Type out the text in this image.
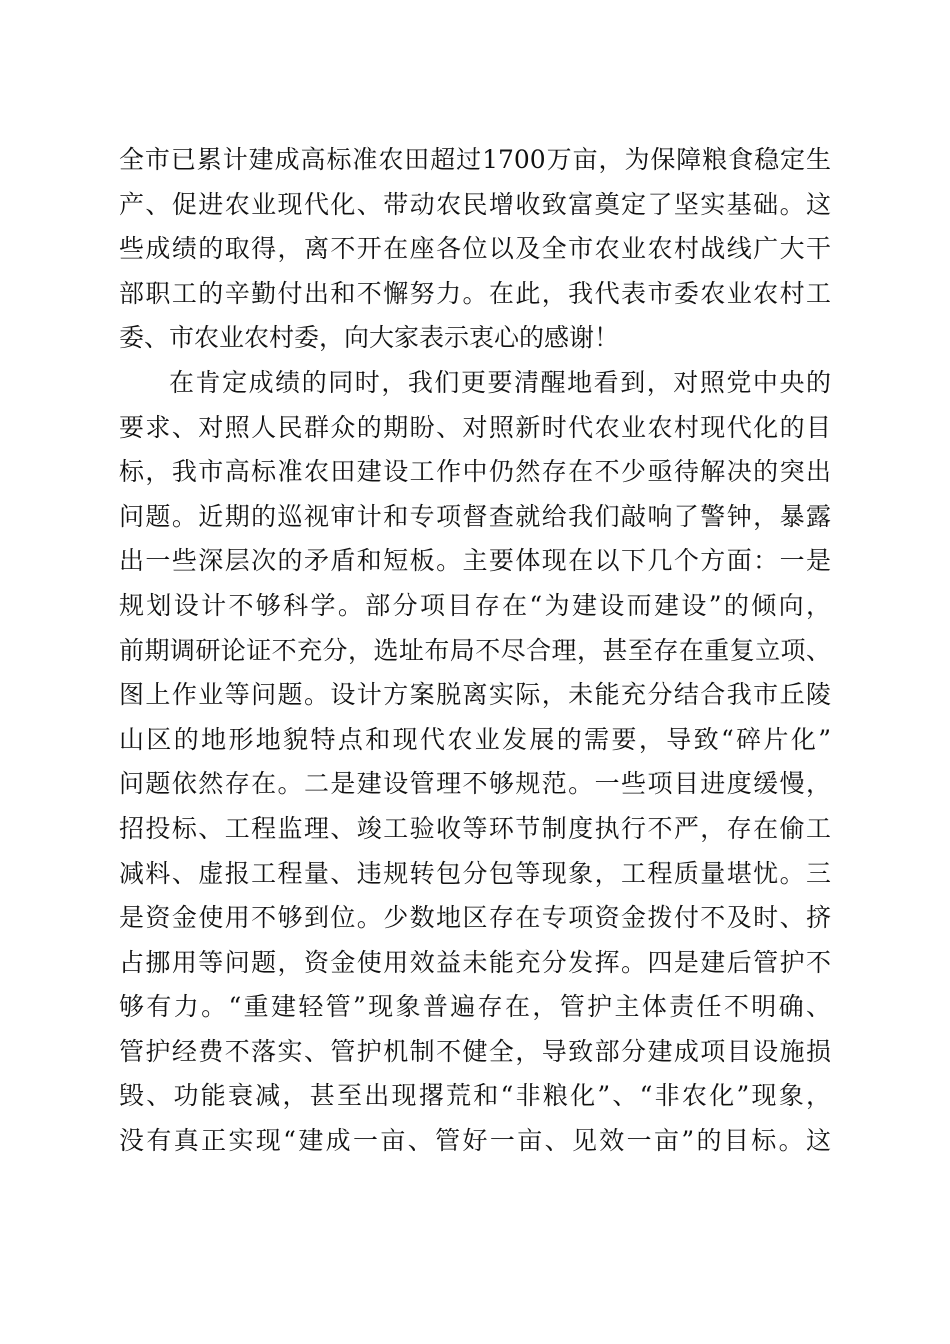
全市已累计建成高标准农田超过1700万亩，为保障粮食稳定生
产、促进农业现代化、带动农民增收致富奠定了坚实基础。这
些成绩的取得，离不开在座各位以及全市农业农村战线广大干
部职工的辛勤付出和不懈努力。在此，我代表市委农业农村工
委、市农业农村委，向大家表示衷心的感谢！
在肯定成绩的同时，我们更要清醒地看到，对照党中央的
要求、对照人民群众的期盼、对照新时代农业农村现代化的目
标，我市高标准农田建设工作中仍然存在不少亟待解决的突出
问题。近期的巡视审计和专项督查就给我们敲响了警钟，暴露
出一些深层次的矛盾和短板。主要体现在以下几个方面：一是
规划设计不够科学。部分项目存在“为建设而建设”的倾向，
前期调研论证不充分，选址布局不尽合理，甚至存在重复立项、
图上作业等问题。设计方案脱离实际，未能充分结合我市丘陵
山区的地形地貌特点和现代农业发展的需要，导致“碎片化”
问题依然存在。二是建设管理不够规范。一些项目进度缓慢，
招投标、工程监理、竣工验收等环节制度执行不严，存在偷工
减料、虚报工程量、违规转包分包等现象，工程质量堪忧。三
是资金使用不够到位。少数地区存在专项资金拨付不及时、挤
占挪用等问题，资金使用效益未能充分发挥。四是建后管护不
够有力。“重建轻管”现象普遍存在，管护主体责任不明确、
管护经费不落实、管护机制不健全，导致部分建成项目设施损
毁、功能衰减，甚至出现撂荒和“非粮化”、“非农化”现象，
没有真正实现“建成一亩、管好一亩、见效一亩”的目标。这
